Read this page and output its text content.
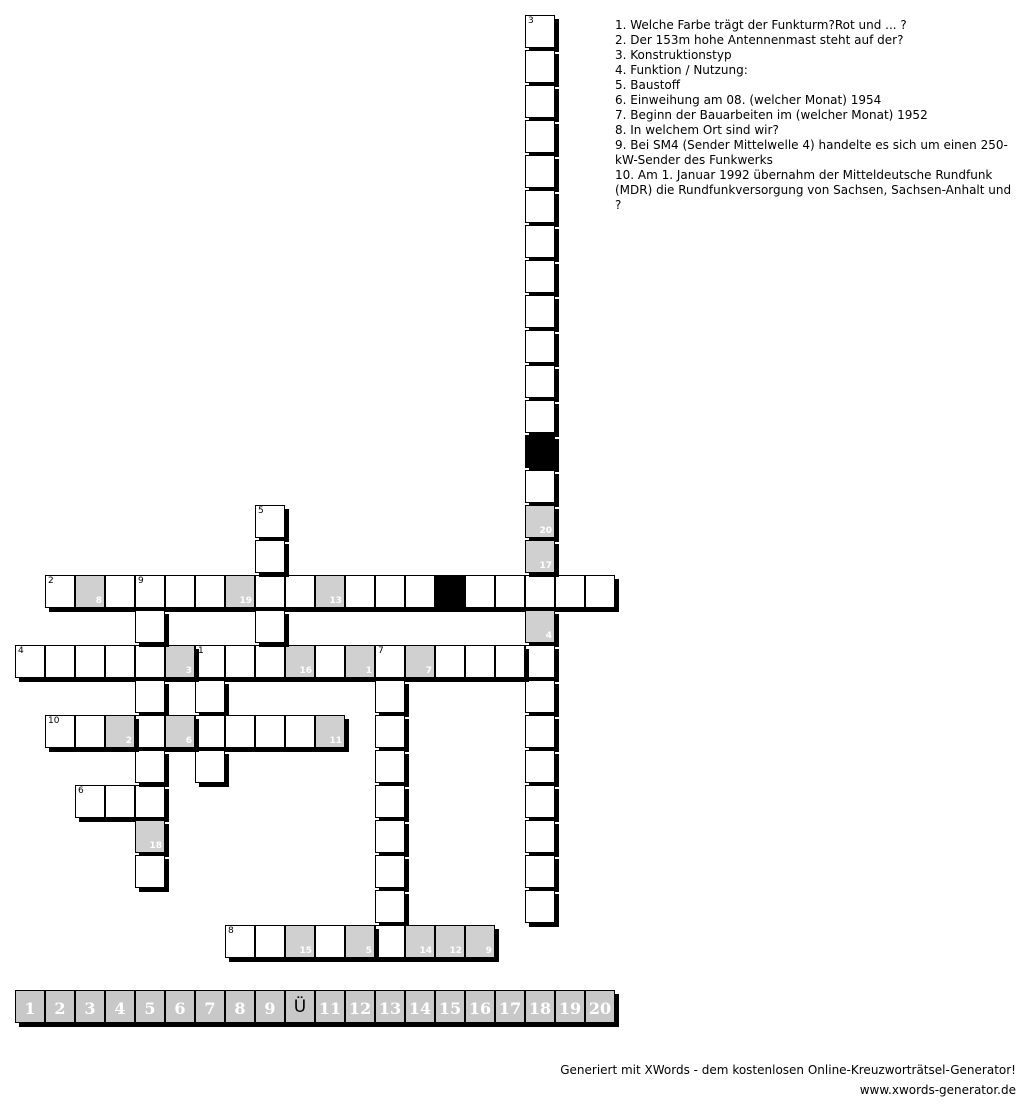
1
2
8
9
19	13
3
20
17
4
4
3	16	1
7
7
5
6
8
15	5	14 12	9
18
10
2	6	11
1. Welche Farbe trägt der Funkturm?Rot und ... ?
2. Der 153m hohe Antennenmast steht auf der?
3. Konstruktionstyp
4. Funktion / Nutzung:
5. Baustoff
6. Einweihung am 08. (welcher Monat) 1954
7. Beginn der Bauarbeiten im (welcher Monat) 1952
8. In welchem Ort sind wir?
9. Bei SM4 (Sender Mittelwelle 4) handelte es sich um einen 250-kW-Sender des Funkwerks
10. Am 1. Januar 1992 übernahm der Mitteldeutsche Rundfunk (MDR) die Rundfunkversorgung von Sachsen, Sachsen-Anhalt und ?
1	2	3	4	5	6	7	8	9	Ü 11 12 13 14 15 16 17 18 19 20
Generiert mit XWords - dem kostenlosen Online-Kreuzworträtsel-Generator!
www.xwords-generator.de
